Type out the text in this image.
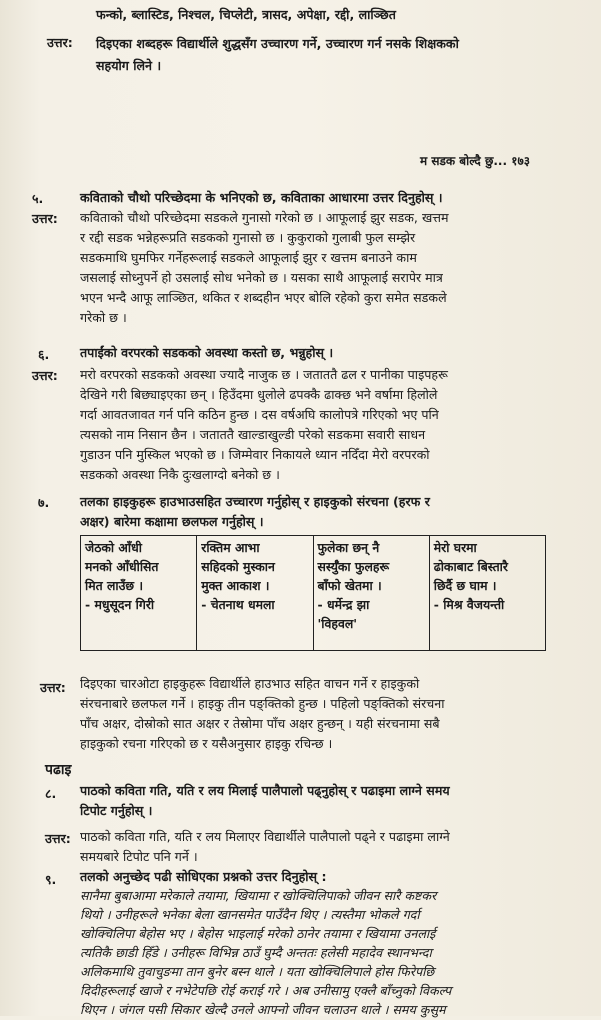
फन्को, ब्लास्टिड, निश्चल, चिप्लेटी, त्रासद, अपेक्षा, रद्दी, लाञ्छित
उत्तर: दिइएका शब्दहरू विद्यार्थीले शुद्धसँग उच्चारण गर्ने, उच्चारण गर्न नसके शिक्षकको
सहयोग लिने ।
म सडक बोल्दै छु... १७३
५.	कविताको चौथो परिच्छेदमा के भनिएको छ, कविताका आधारमा उत्तर दिनुहोस् ।
उत्तर: कविताको चौथो परिच्छेदमा सडकले गुनासो गरेको छ । आफूलाई झुर सडक, खत्तम
र रद्दी सडक भन्नेहरूप्रति सडकको गुनासो छ । कुकुराको गुलाबी फुल सम्झेर
सडकमाथि घुमफिर गर्नेहरूलाई सडकले आफूलाई झुर र खत्तम बनाउने काम
जसलाई सोध्नुपर्ने हो उसलाई सोध भनेको छ । यसका साथै आफूलाई सरापेर मात्र
भएन भन्दै आफू लाञ्छित, थकित र शब्दहीन भएर बोलि रहेको कुरा समेत सडकले
गरेको छ ।
६. तपाईंको वरपरको सडकको अवस्था कस्तो छ, भन्नुहोस् ।
उत्तर: मरो वरपरको सडकको अवस्था ज्यादै नाजुक छ । जताततै ढल र पानीका पाइपहरू
देखिने गरी बिछ्याइएका छन् । हिउँदमा धुलोले ढपक्कै ढाक्छ भने वर्षामा हिलोले
गर्दा आवतजावत गर्न पनि कठिन हुन्छ । दस वर्षअघि कालोपत्रे गरिएको भए पनि
त्यसको नाम निसान छैन । जताततै खाल्डाखुल्डी परेको सडकमा सवारी साधन
गुडाउन पनि मुस्किल भएको छ । जिम्मेवार निकायले ध्यान नदिँदा मेरो वरपरको
सडकको अवस्था निकै दुःखलाग्दो बनेको छ ।
७. तलका हाइकुहरू हाउभाउसहित उच्चारण गर्नुहोस् र हाइकुको संरचना (हरफ र
अक्षर) बारेमा कक्षामा छलफल गर्नुहोस् ।

जेठको आँधी
मनको आँधीसित
मित लाउँछ ।
- मधुसूदन गिरी

रक्तिम आभा
सहिदको मुस्कान
मुक्त आकाश ।
- चेतनाथ धमला

फुलेका छन् नै
सर्स्युँका फुलहरू
बाँफो खेतमा ।
- धर्मेन्द्र झा
'विहवल'

मेरो घरमा
ढोकाबाट बिस्तारै
छिर्दै छ घाम ।
- मिश्र वैजयन्ती

उत्तर: दिइएका चारओटा हाइकुहरू विद्यार्थीले हाउभाउ सहित वाचन गर्ने र हाइकुको
संरचनाबारे छलफल गर्ने । हाइकु तीन पङ्क्तिको हुन्छ । पहिलो पङ्क्तिको संरचना
पाँच अक्षर, दोस्रोको सात अक्षर र तेस्रोमा पाँच अक्षर हुन्छन् । यही संरचनामा सबै
हाइकुको रचना गरिएको छ र यसैअनुसार हाइकु रचिन्छ ।
पढाइ
८. पाठको कविता गति, यति र लय मिलाई पालैपालो पढ्नुहोस् र पढाइमा लाग्ने समय
टिपोट गर्नुहोस् ।
उत्तर: पाठको कविता गति, यति र लय मिलाएर विद्यार्थीले पालैपालो पढ्ने र पढाइमा लाग्ने
समयबारे टिपोट पनि गर्ने ।
९. तलको अनुच्छेद पढी सोधिएका प्रश्नको उत्तर दिनुहोस् :
सानैमा बुबाआमा मरेकाले तयामा, खियामा र खोक्चिलिपाको जीवन सारै कष्टकर
थियो । उनीहरूले भनेका बेला खानसमेत पाउँदैन थिए । त्यस्तैमा भोकले गर्दा
खोक्चिलिपा बेहोस भए । बेहोस भाइलाई मरेको ठानेर तयामा र खियामा उनलाई
त्यतिकै छाडी हिँडे । उनीहरू विभिन्न ठाउँ घुम्दै अन्ततः हलेसी महादेव स्थानभन्दा
अलिकमाथि तुवाचुङमा तान बुनेर बस्न थाले । यता खोक्चिलिपाले होस फिरेपछि
दिदीहरूलाई खाजे र नभेटेपछि रोई कराई गरे । अब उनीसामु एक्लै बाँच्नुको विकल्प
थिएन । जंगल पसी सिकार खेल्दै उनले आफ्नो जीवन चलाउन थाले । समय कुसुम
